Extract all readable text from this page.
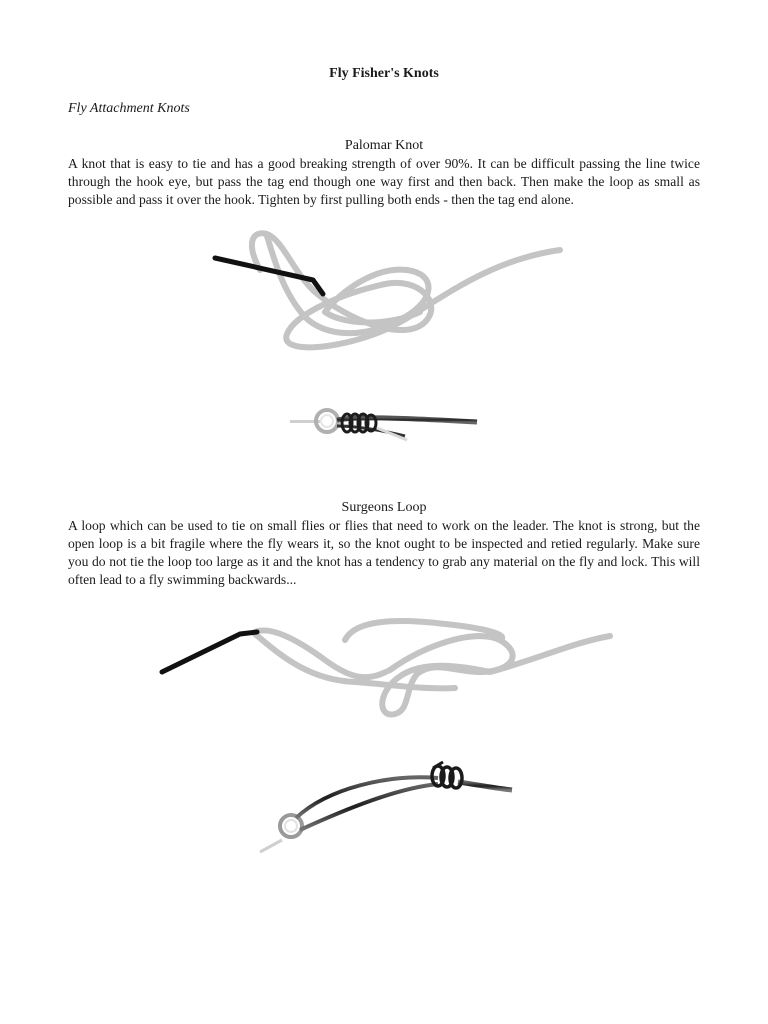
Fly Fisher's Knots
Fly Attachment Knots
Palomar Knot

A knot that is easy to tie and has a good breaking strength of over 90%. It can be difficult passing the line twice through the hook eye, but pass the tag end though one way first and then back. Then make the loop as small as possible and pass it over the hook. Tighten by first pulling both ends - then the tag end alone.

Surgeons Loop

A loop which can be used to tie on small flies or flies that need to work on the leader. The knot is strong, but the open loop is a bit fragile where the fly wears it, so the knot ought to be inspected and retied regularly. Make sure you do not tie the loop too large as it and the knot has a tendency to grab any material on the fly and lock. This will often lead to a fly swimming backwards...
